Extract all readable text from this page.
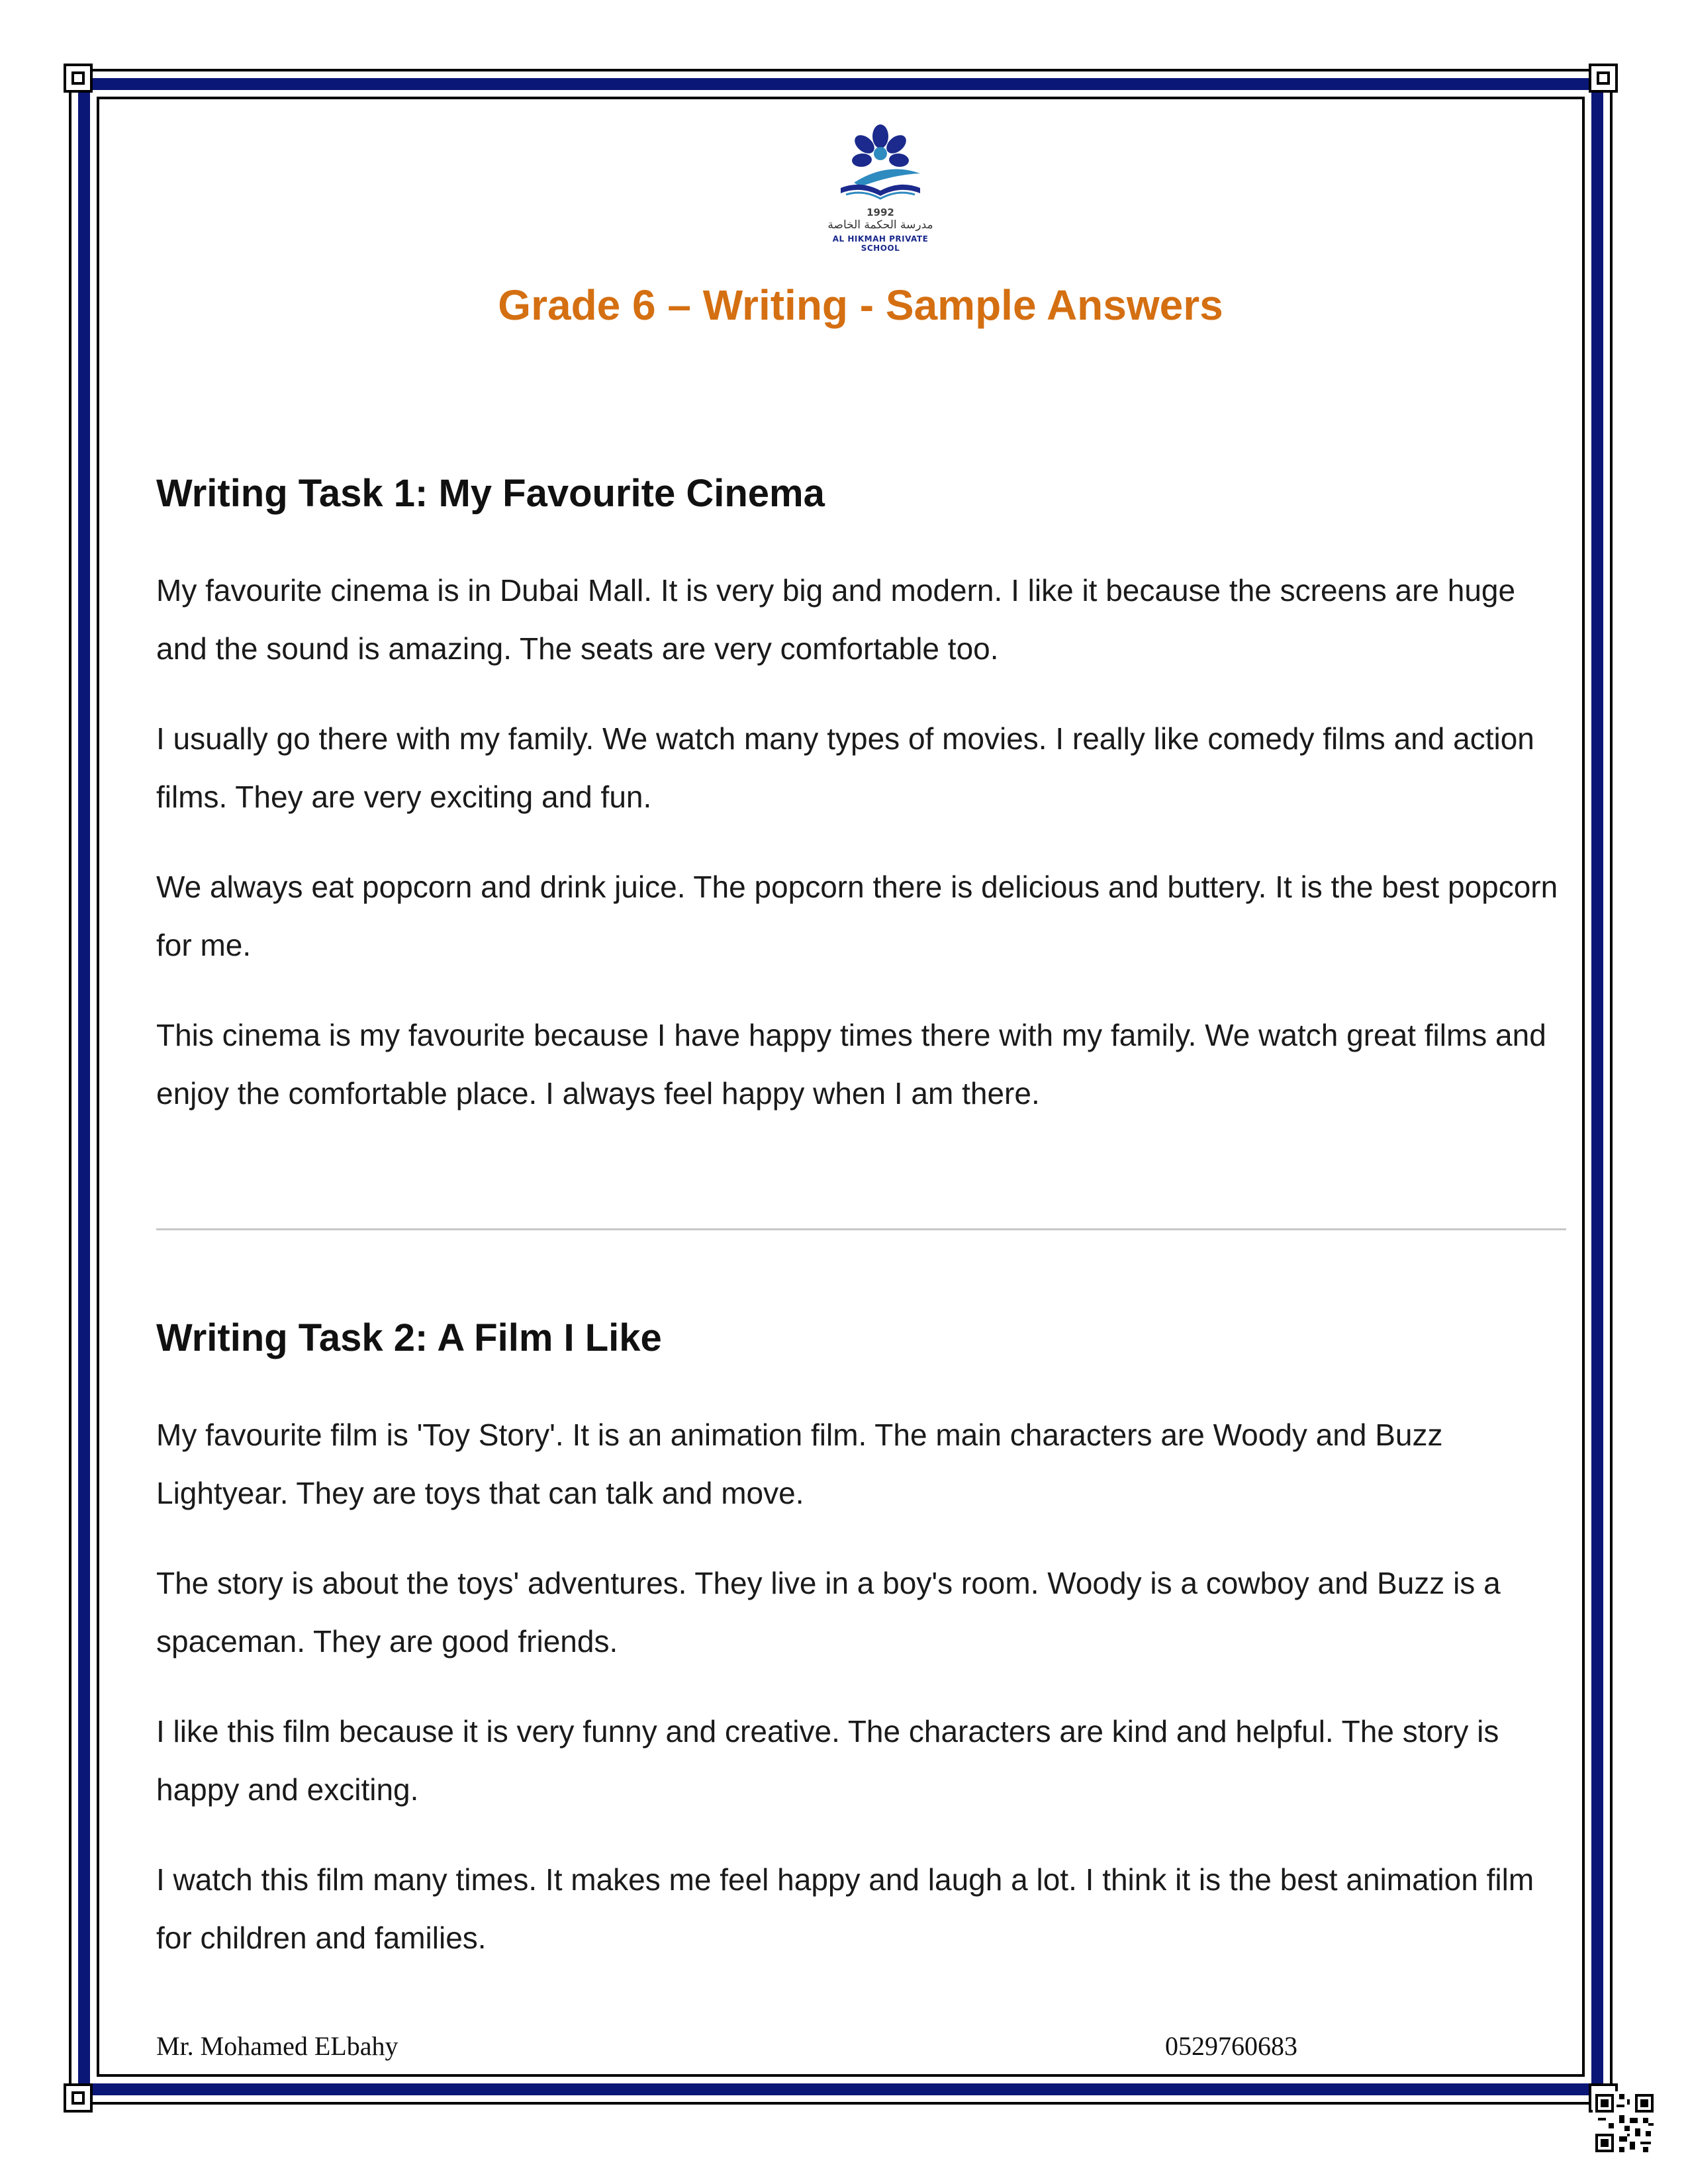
1992
مدرسة الحكمة الخاصة
AL HIKMAH PRIVATE SCHOOL
Grade 6 – Writing - Sample Answers
Writing Task 1: My Favourite Cinema

My favourite cinema is in Dubai Mall. It is very big and modern. I like it because the screens are huge and the sound is amazing. The seats are very comfortable too.

I usually go there with my family. We watch many types of movies. I really like comedy films and action films. They are very exciting and fun.

We always eat popcorn and drink juice. The popcorn there is delicious and buttery. It is the best popcorn for me.

This cinema is my favourite because I have happy times there with my family. We watch great films and enjoy the comfortable place. I always feel happy when I am there.

Writing Task 2: A Film I Like

My favourite film is 'Toy Story'. It is an animation film. The main characters are Woody and Buzz Lightyear. They are toys that can talk and move.

The story is about the toys' adventures. They live in a boy's room. Woody is a cowboy and Buzz is a spaceman. They are good friends.

I like this film because it is very funny and creative. The characters are kind and helpful. The story is happy and exciting.

I watch this film many times. It makes me feel happy and laugh a lot. I think it is the best animation film for children and families.

Mr. Mohamed ELbahy	0529760683
